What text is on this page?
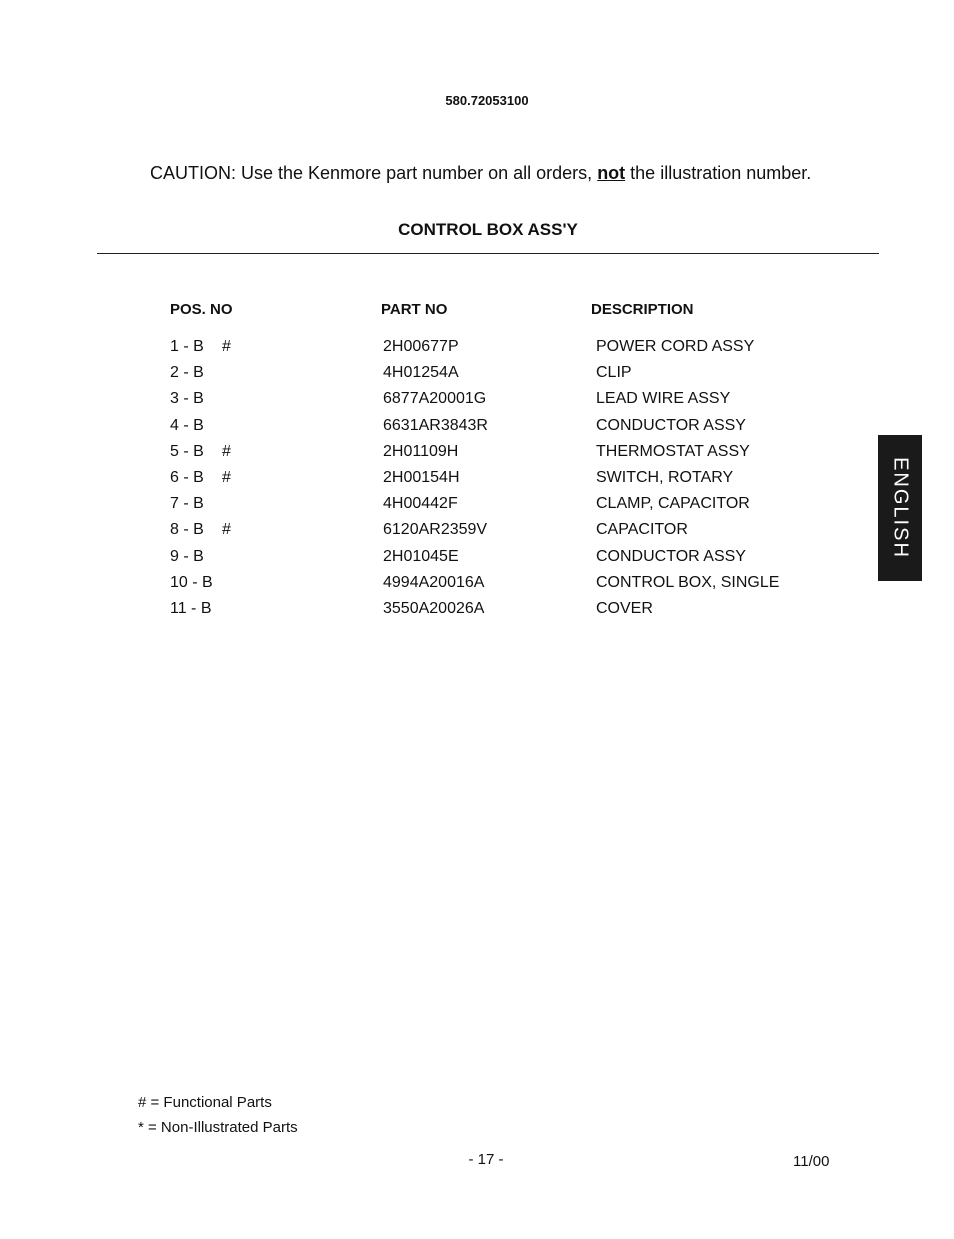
580.72053100
CAUTION: Use the Kenmore part number on all orders, not the illustration number.
CONTROL BOX ASS'Y
POS. NO	PART NO	DESCRIPTION
1 - B #	2H00677P	POWER CORD ASSY
2 - B	4H01254A	CLIP
3 - B	6877A20001G	LEAD WIRE ASSY
4 - B	6631AR3843R	CONDUCTOR ASSY
5 - B #	2H01109H	THERMOSTAT ASSY
6 - B #	2H00154H	SWITCH, ROTARY
7 - B	4H00442F	CLAMP, CAPACITOR
8 - B #	6120AR2359V	CAPACITOR
9 - B	2H01045E	CONDUCTOR ASSY
10 - B	4994A20016A	CONTROL BOX, SINGLE
11 - B	3550A20026A	COVER
ENGLISH
# = Functional Parts
* = Non-Illustrated Parts
- 17 -	11/00
